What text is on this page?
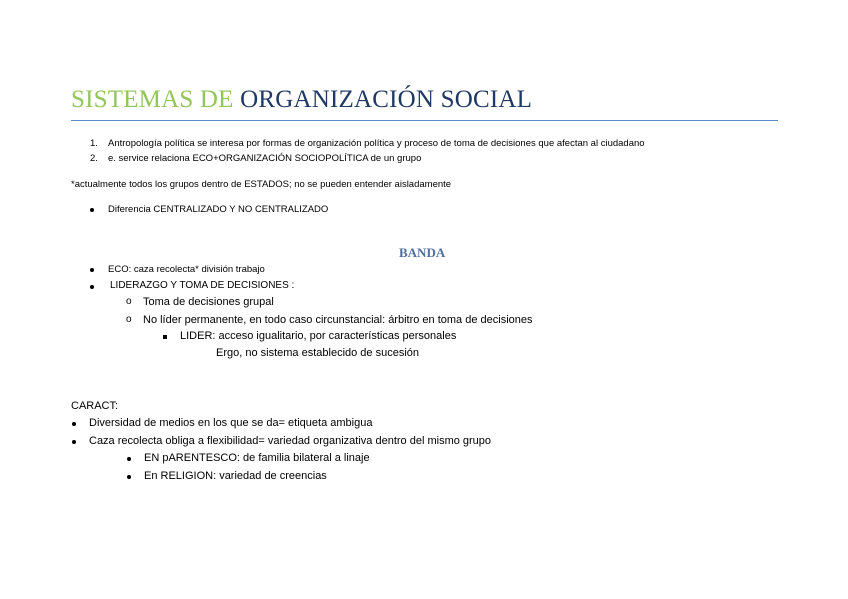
SISTEMAS DE ORGANIZACIÓN SOCIAL
1. Antropología política se interesa por formas de organización política y proceso de toma de decisiones que afectan al ciudadano
2. e. service relaciona ECO+ORGANIZACIÓN SOCIOPOLÍTICA de un grupo
*actualmente todos los grupos dentro de ESTADOS; no se pueden entender aisladamente
Diferencia CENTRALIZADO Y NO CENTRALIZADO
BANDA
ECO: caza recolecta* división trabajo
LIDERAZGO Y TOMA DE DECISIONES :
o Toma de decisiones grupal
o No líder permanente, en todo caso circunstancial: árbitro en toma de decisiones
LIDER: acceso igualitario, por características personales
Ergo, no sistema establecido de sucesión
CARACT:
Diversidad de medios en los que se da= etiqueta ambigua
Caza recolecta obliga a flexibilidad= variedad organizativa dentro del mismo grupo
EN pARENTESCO: de familia bilateral a linaje
En RELIGION: variedad de creencias
